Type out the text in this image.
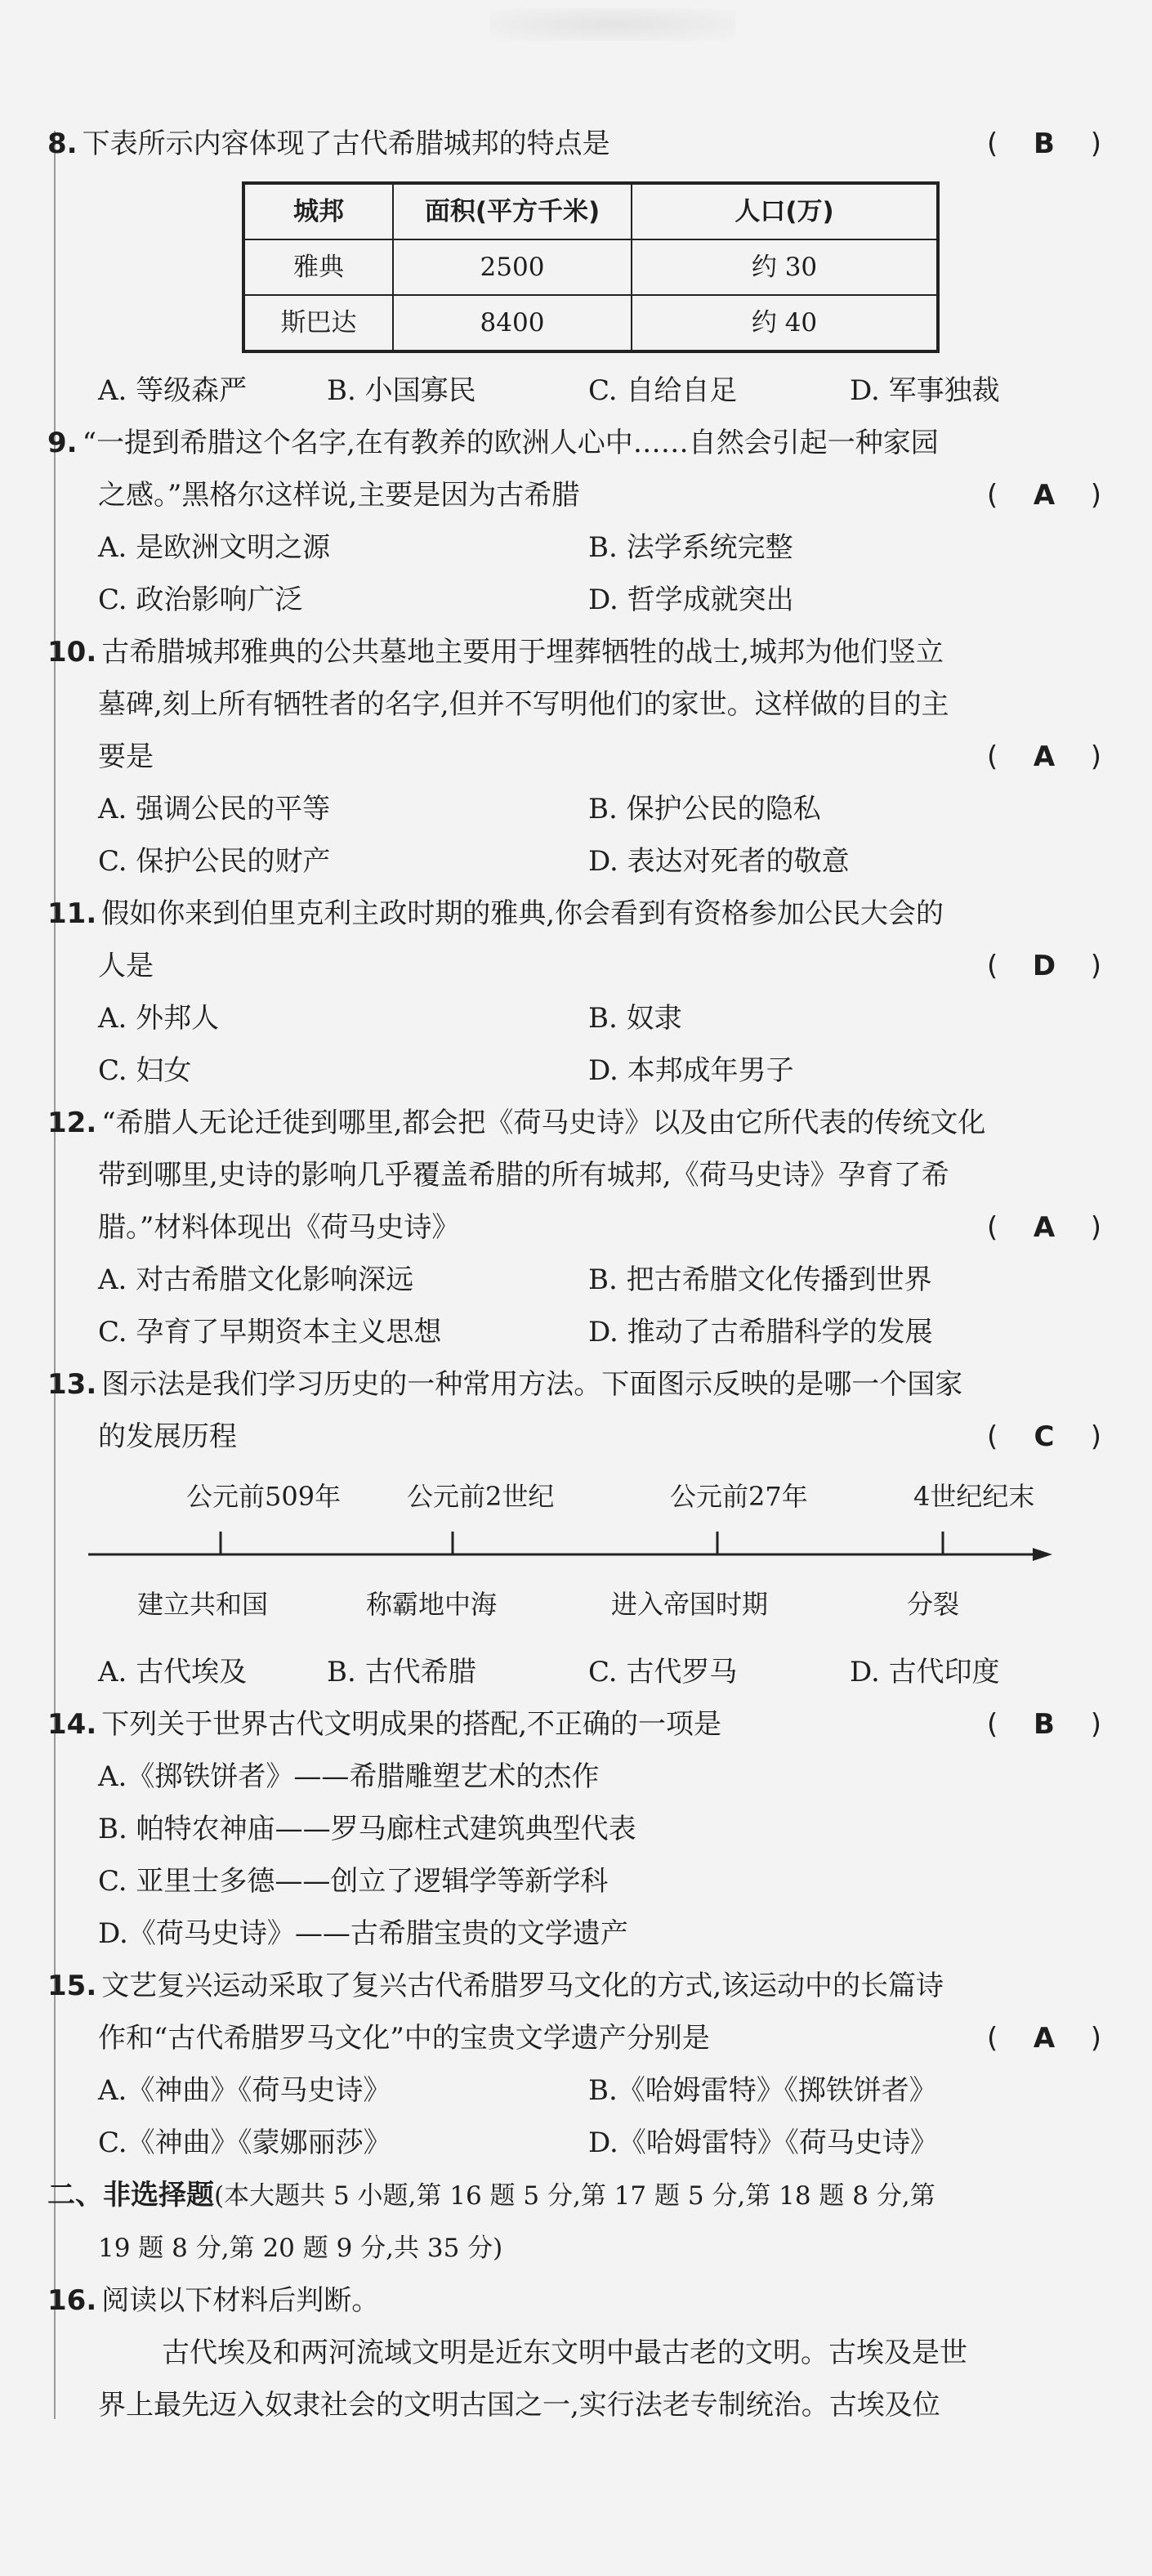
8. 下表所示内容体现了古代希腊城邦的特点是	( B )
城邦	面积(平方千米)	人口(万)
雅典	2500	约 30
斯巴达	8400	约 40
A. 等级森严	B. 小国寡民	C. 自给自足	D. 军事独裁
9. “一提到希腊这个名字,在有教养的欧洲人心中……自然会引起一种家园
之感。”黑格尔这样说,主要是因为古希腊	( A )
A. 是欧洲文明之源	B. 法学系统完整
C. 政治影响广泛	D. 哲学成就突出
10. 古希腊城邦雅典的公共墓地主要用于埋葬牺牲的战士,城邦为他们竖立
墓碑,刻上所有牺牲者的名字,但并不写明他们的家世。这样做的目的主
要是	( A )
A. 强调公民的平等	B. 保护公民的隐私
C. 保护公民的财产	D. 表达对死者的敬意
11. 假如你来到伯里克利主政时期的雅典,你会看到有资格参加公民大会的
人是	( D )
A. 外邦人	B. 奴隶
C. 妇女	D. 本邦成年男子
12. “希腊人无论迁徙到哪里,都会把《荷马史诗》以及由它所代表的传统文化
带到哪里,史诗的影响几乎覆盖希腊的所有城邦,《荷马史诗》孕育了希
腊。”材料体现出《荷马史诗》	( A )
A. 对古希腊文化影响深远	B. 把古希腊文化传播到世界
C. 孕育了早期资本主义思想	D. 推动了古希腊科学的发展
13. 图示法是我们学习历史的一种常用方法。下面图示反映的是哪一个国家
的发展历程	( C )
公元前509年	公元前2世纪	公元前27年	4世纪纪末
建立共和国	称霸地中海	进入帝国时期	分裂
A. 古代埃及	B. 古代希腊	C. 古代罗马	D. 古代印度
14. 下列关于世界古代文明成果的搭配,不正确的一项是	( B )
A.《掷铁饼者》——希腊雕塑艺术的杰作
B. 帕特农神庙——罗马廊柱式建筑典型代表
C. 亚里士多德——创立了逻辑学等新学科
D.《荷马史诗》——古希腊宝贵的文学遗产
15. 文艺复兴运动采取了复兴古代希腊罗马文化的方式,该运动中的长篇诗
作和“古代希腊罗马文化”中的宝贵文学遗产分别是	( A )
A.《神曲》《荷马史诗》	B.《哈姆雷特》《掷铁饼者》
C.《神曲》《蒙娜丽莎》	D.《哈姆雷特》《荷马史诗》
二、非选择题 (本大题共 5 小题,第 16 题 5 分,第 17 题 5 分,第 18 题 8 分,第
19 题 8 分,第 20 题 9 分,共 35 分)
16. 阅读以下材料后判断。
古代埃及和两河流域文明是近东文明中最古老的文明。古埃及是世
界上最先迈入奴隶社会的文明古国之一,实行法老专制统治。古埃及位
